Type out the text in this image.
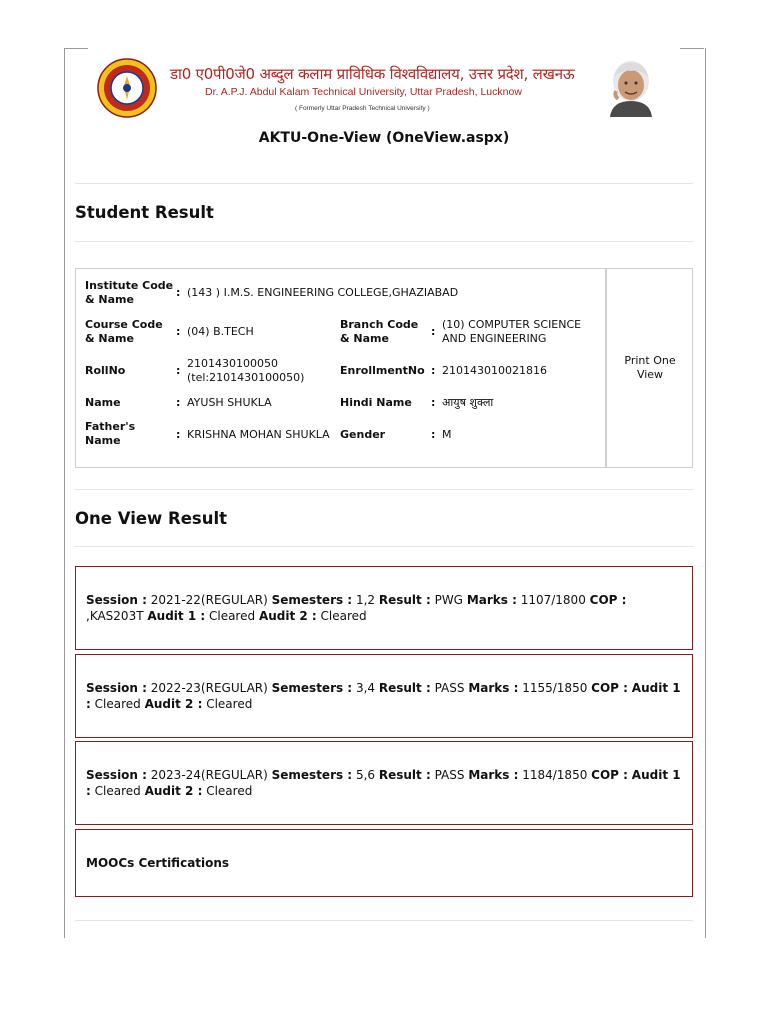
डा0 ए0पी0जे0 अब्दुल कलाम प्राविधिक विश्वविद्यालय, उत्तर प्रदेश, लखनऊ
Dr. A.P.J. Abdul Kalam Technical University, Uttar Pradesh, Lucknow
( Formerly Uttar Pradesh Technical University )
AKTU-One-View (OneView.aspx)
Student Result
Institute Code & Name
: (143 ) I.M.S. ENGINEERING COLLEGE,GHAZIABAD
Course Code & Name
: (04) B.TECH
Branch Code & Name
:
(10) COMPUTER SCIENCE AND ENGINEERING
RollNo	:
2101430100050 (tel:2101430100050)
EnrollmentNo : 210143010021816
Name	: AYUSH SHUKLA	Hindi Name : आयुष शुक्ला
Father's Name	: KRISHNA MOHAN SHUKLA Gender	: M
Print One View
One View Result
Session : 2021-22(REGULAR) Semesters : 1,2 Result : PWG Marks : 1107/1800 COP : ,KAS203T Audit 1 : Cleared Audit 2 : Cleared
Session : 2022-23(REGULAR) Semesters : 3,4 Result : PASS Marks : 1155/1850 COP : Audit 1 : Cleared Audit 2 : Cleared
Session : 2023-24(REGULAR) Semesters : 5,6 Result : PASS Marks : 1184/1850 COP : Audit 1 : Cleared Audit 2 : Cleared
MOOCs Certifications
